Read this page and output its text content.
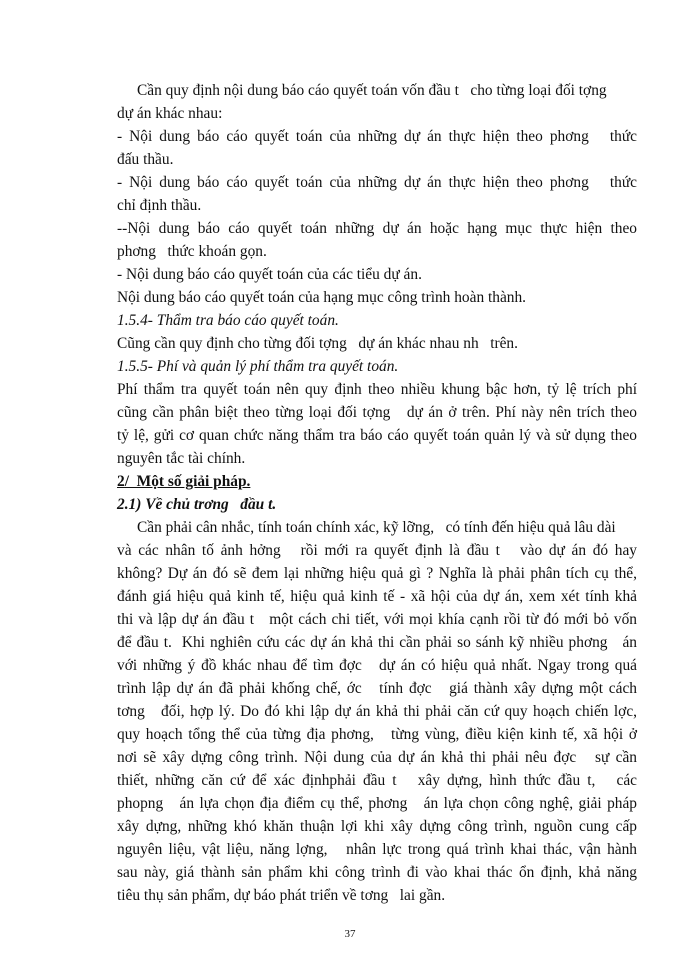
Cần quy định nội dung báo cáo quyết toán vốn đầu t   cho từng loại đối tợng
dự án khác nhau:
- Nội dung báo cáo quyết toán của những dự án thực hiện theo phơng   thức
đấu thầu.
- Nội dung báo cáo quyết toán của những dự án thực hiện theo phơng   thức
chỉ định thầu.
--Nội dung báo cáo quyết toán những dự án hoặc hạng mục thực hiện theo
phơng   thức khoán gọn.
- Nội dung báo cáo quyết toán của các tiểu dự án.
Nội dung báo cáo quyết toán của hạng mục công trình hoàn thành.
1.5.4- Thẩm tra báo cáo quyết toán.
Cũng cần quy định cho từng đối tợng   dự án khác nhau nh   trên.
1.5.5- Phí và quản lý phí thẩm tra quyết toán.
Phí thẩm tra quyết toán nên quy định theo nhiều khung bậc hơn, tỷ lệ trích phí
cũng cần phân biệt theo từng loại đối tợng   dự án ở trên. Phí này nên trích theo
tỷ lệ, gửi cơ quan chức năng thẩm tra báo cáo quyết toán quản lý và sử dụng theo
nguyên tắc tài chính.
2/  Một số giải pháp.
2.1) Về chủ trơng   đầu t.
Cần phải cân nhắc, tính toán chính xác, kỹ lỡng,   có tính đến hiệu quả lâu dài
và các nhân tố ảnh hởng   rồi mới ra quyết định là đầu t   vào dự án đó hay
không? Dự án đó sẽ đem lại những hiệu quả gì ? Nghĩa là phải phân tích cụ thể,
đánh giá hiệu quả kinh tế, hiệu quả kinh tế - xã hội của dự án, xem xét tính khả
thi và lập dự án đầu t   một cách chi tiết, với mọi khía cạnh rồi từ đó mới bỏ vốn
để đầu t.  Khi nghiên cứu các dự án khả thi cần phải so sánh kỹ nhiều phơng   án
với những ý đồ khác nhau để tìm đợc   dự án có hiệu quả nhất. Ngay trong quá
trình lập dự án đã phải khống chế, ớc   tính đợc   giá thành xây dựng một cách
tơng   đối, hợp lý. Do đó khi lập dự án khả thi phải căn cứ quy hoạch chiến lợc,
quy hoạch tổng thể của từng địa phơng,   từng vùng, điều kiện kinh tế, xã hội ở
nơi sẽ xây dựng công trình. Nội dung của dự án khả thi phải nêu đợc   sự cần
thiết, những căn cứ để xác địnhphải đầu t   xây dựng, hình thức đầu t,   các
phopng   án lựa chọn địa điểm cụ thể, phơng   án lựa chọn công nghệ, giải pháp
xây dựng, những khó khăn thuận lợi khi xây dựng công trình, nguồn cung cấp
nguyên liệu, vật liệu, năng lợng,   nhân lực trong quá trình khai thác, vận hành
sau này, giá thành sản phẩm khi công trình đi vào khai thác ổn định, khả năng
tiêu thụ sản phẩm, dự báo phát triển về tơng   lai gần.
37
